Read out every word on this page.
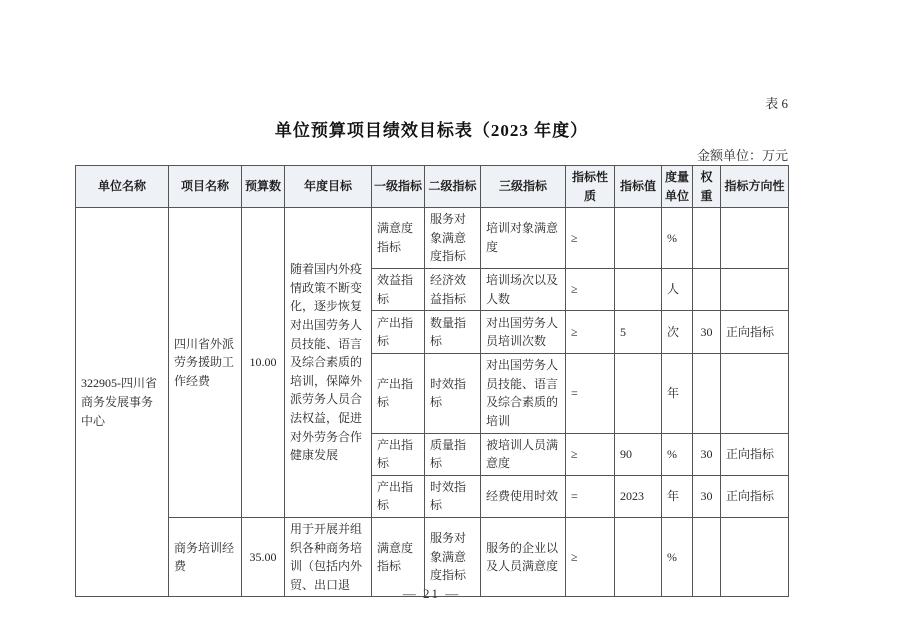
表 6
单位预算项目绩效目标表（2023 年度）
金额单位：万元
单位名称	项目名称	预算数	年度目标	一级指标	二级指标	三级指标	指标性质	指标值	度量单位	权重	指标方向性
322905-四川省商务发展事务中心	四川省外派劳务援助工作经费	10.00	随着国内外疫情政策不断变化，逐步恢复对出国劳务人员技能、语言及综合素质的培训，保障外派劳务人员合法权益，促进对外劳务合作健康发展	满意度指标	服务对象满意度指标	培训对象满意度	≥		%		
				效益指标	经济效益指标	培训场次以及人数	≥		人		
				产出指标	数量指标	对出国劳务人员培训次数	≥	5	次	30	正向指标
				产出指标	时效指标	对出国劳务人员技能、语言及综合素质的培训	=		年		
				产出指标	质量指标	被培训人员满意度	≥	90	%	30	正向指标
				产出指标	时效指标	经费使用时效	=	2023	年	30	正向指标
	商务培训经费	35.00	用于开展并组织各种商务培训（包括内外贸、出口退	满意度指标	服务对象满意度指标	服务的企业以及人员满意度	≥		%		
— 21 —
